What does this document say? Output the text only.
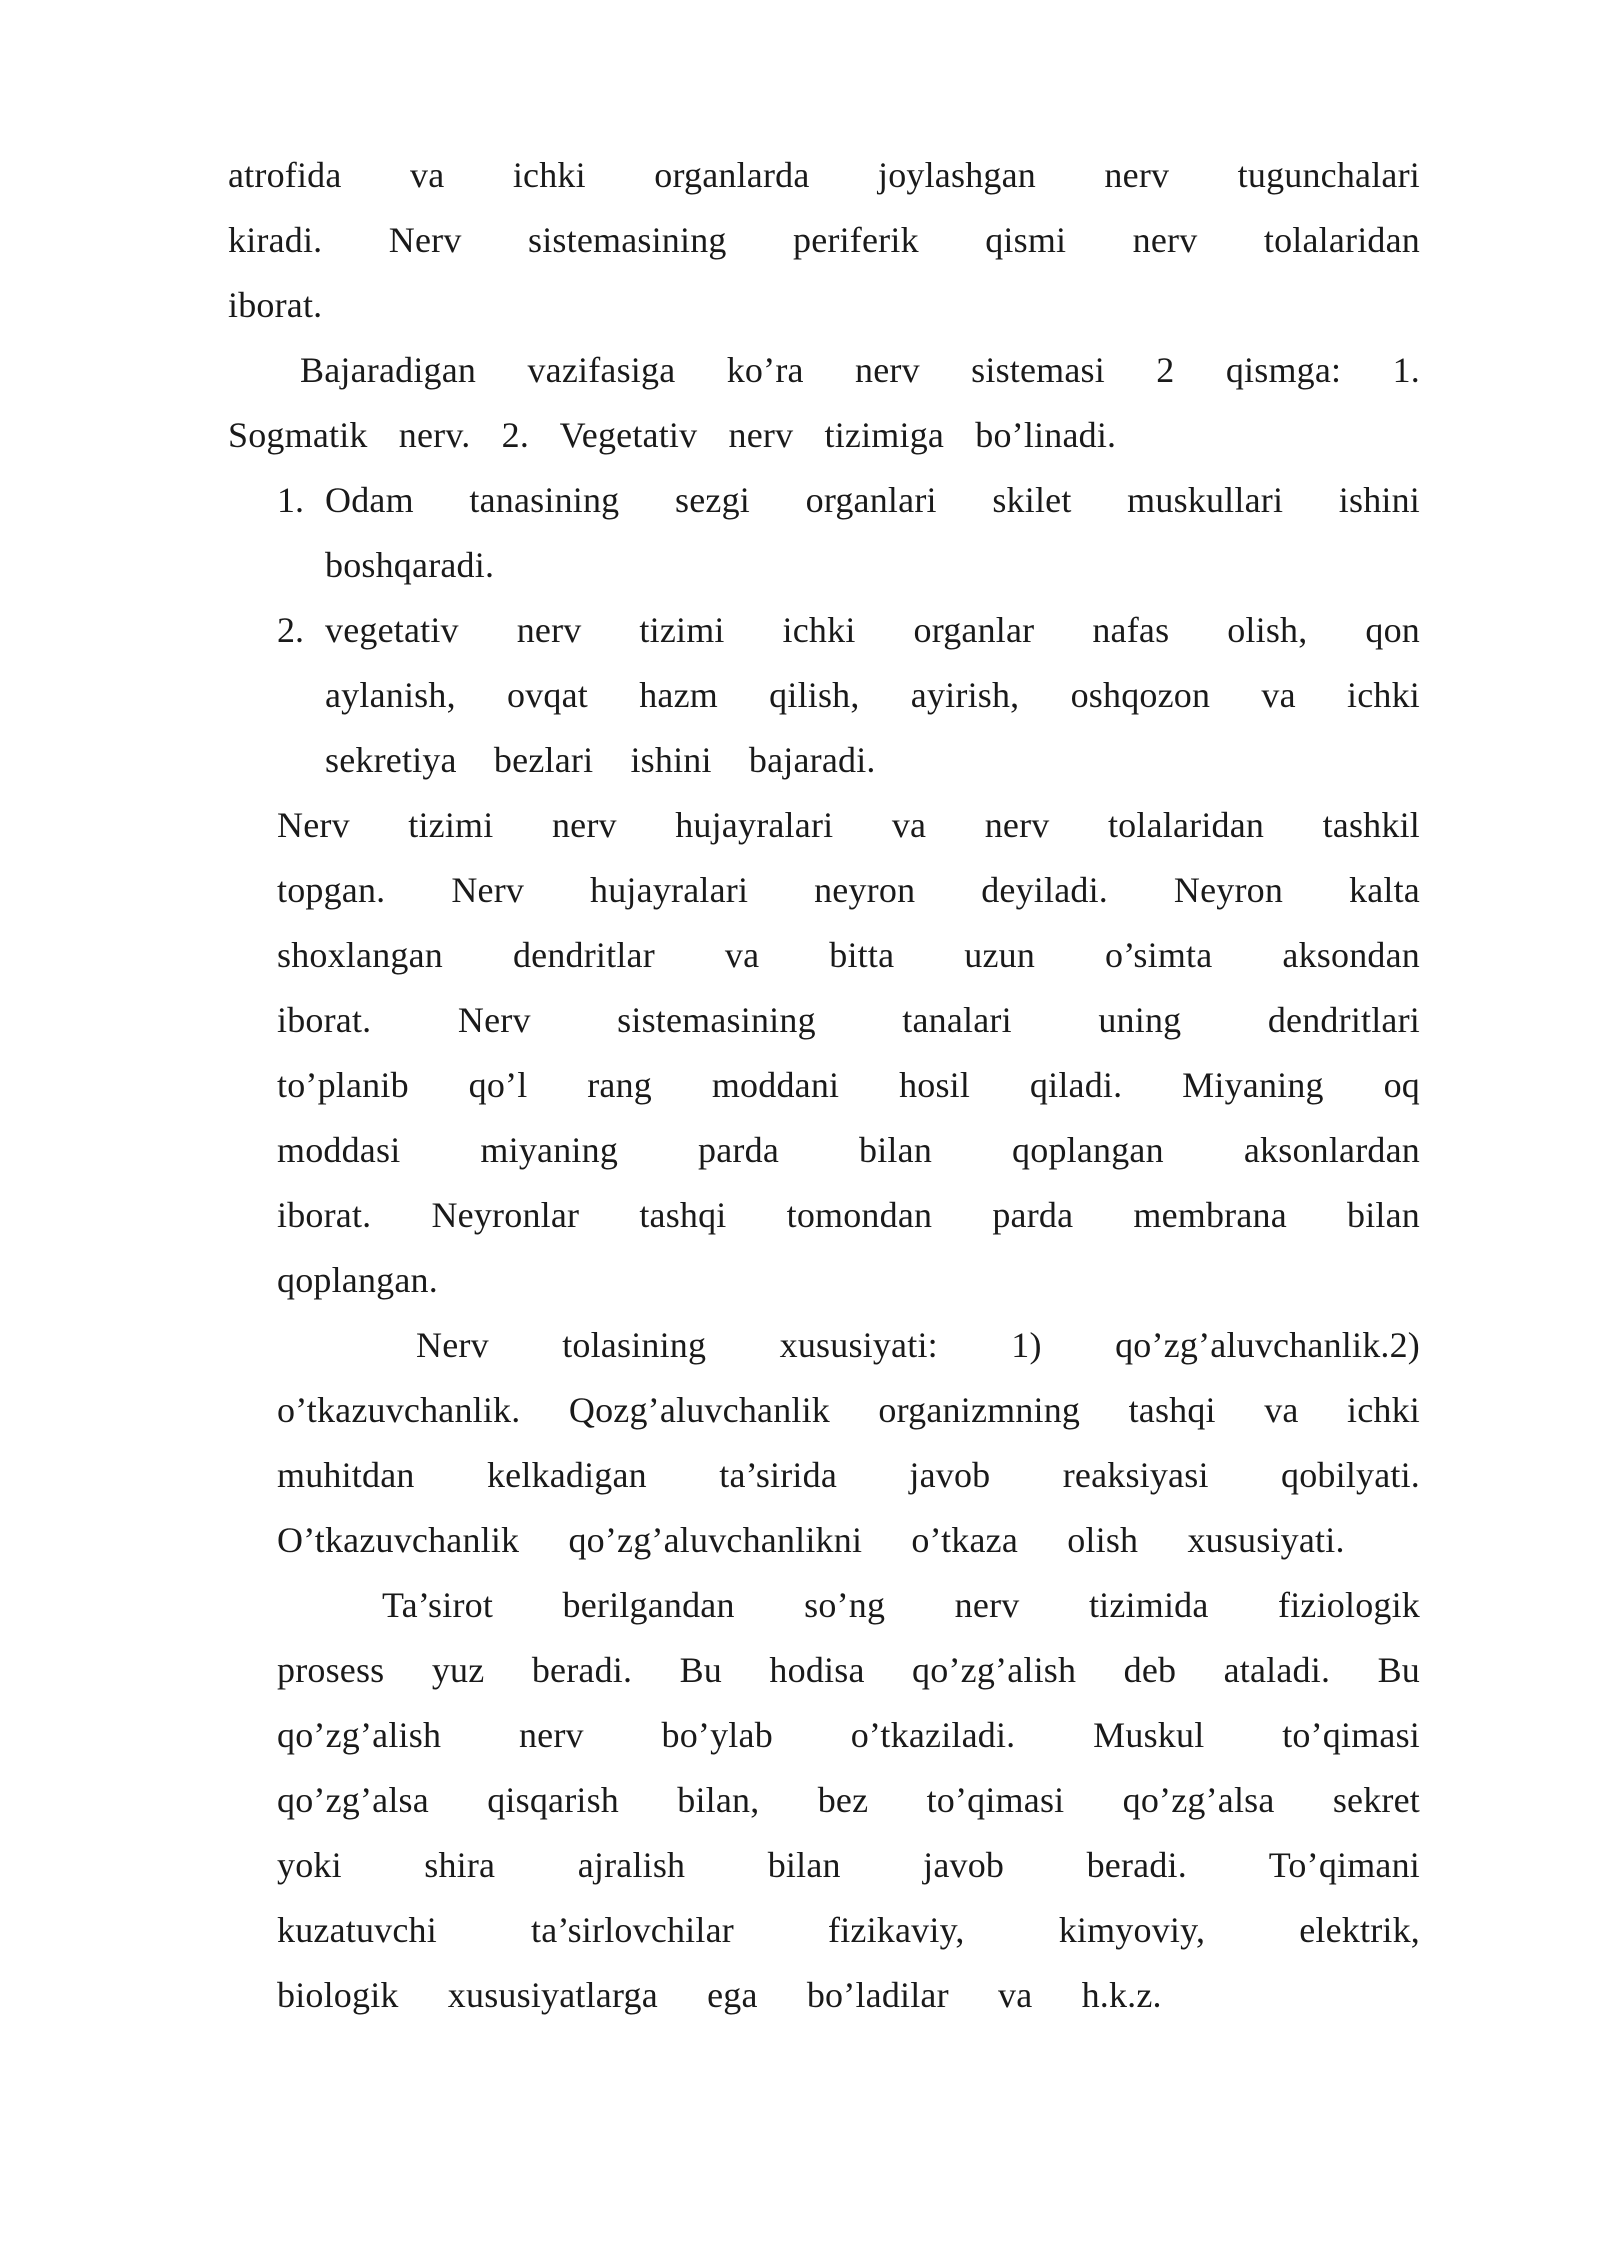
atrofida va ichki organlarda joylashgan nerv tugunchalari
kiradi. Nerv sistemasining periferik qismi nerv tolalaridan
iborat.
Bajaradigan vazifasiga ko’ra nerv sistemasi 2 qismga: 1.
Sogmatik nerv. 2. Vegetativ nerv tizimiga bo’linadi.
1. Odam tanasining sezgi organlari skilet muskullari ishini
boshqaradi.
2. vegetativ nerv tizimi ichki organlar nafas olish, qon
aylanish, ovqat hazm qilish, ayirish, oshqozon va ichki
sekretiya bezlari ishini bajaradi.
Nerv tizimi nerv hujayralari va nerv tolalaridan tashkil
topgan. Nerv hujayralari neyron deyiladi. Neyron kalta
shoxlangan dendritlar va bitta uzun o’simta aksondan
iborat. Nerv sistemasining tanalari uning dendritlari
to’planib qo’l rang moddani hosil qiladi. Miyaning oq
moddasi miyaning parda bilan qoplangan aksonlardan
iborat. Neyronlar tashqi tomondan parda membrana bilan
qoplangan.
Nerv tolasining xususiyati: 1) qo’zg’aluvchanlik.2)
o’tkazuvchanlik. Qozg’aluvchanlik organizmning tashqi va ichki
muhitdan kelkadigan ta’sirida javob reaksiyasi qobilyati.
O’tkazuvchanlik qo’zg’aluvchanlikni o’tkaza olish xususiyati.
Ta’sirot berilgandan so’ng nerv tizimida fiziologik
prosess yuz beradi. Bu hodisa qo’zg’alish deb ataladi. Bu
qo’zg’alish nerv bo’ylab o’tkaziladi. Muskul to’qimasi
qo’zg’alsa qisqarish bilan, bez to’qimasi qo’zg’alsa sekret
yoki shira ajralish bilan javob beradi. To’qimani
kuzatuvchi ta’sirlovchilar fizikaviy, kimyoviy, elektrik,
biologik xususiyatlarga ega bo’ladilar va h.k.z.
